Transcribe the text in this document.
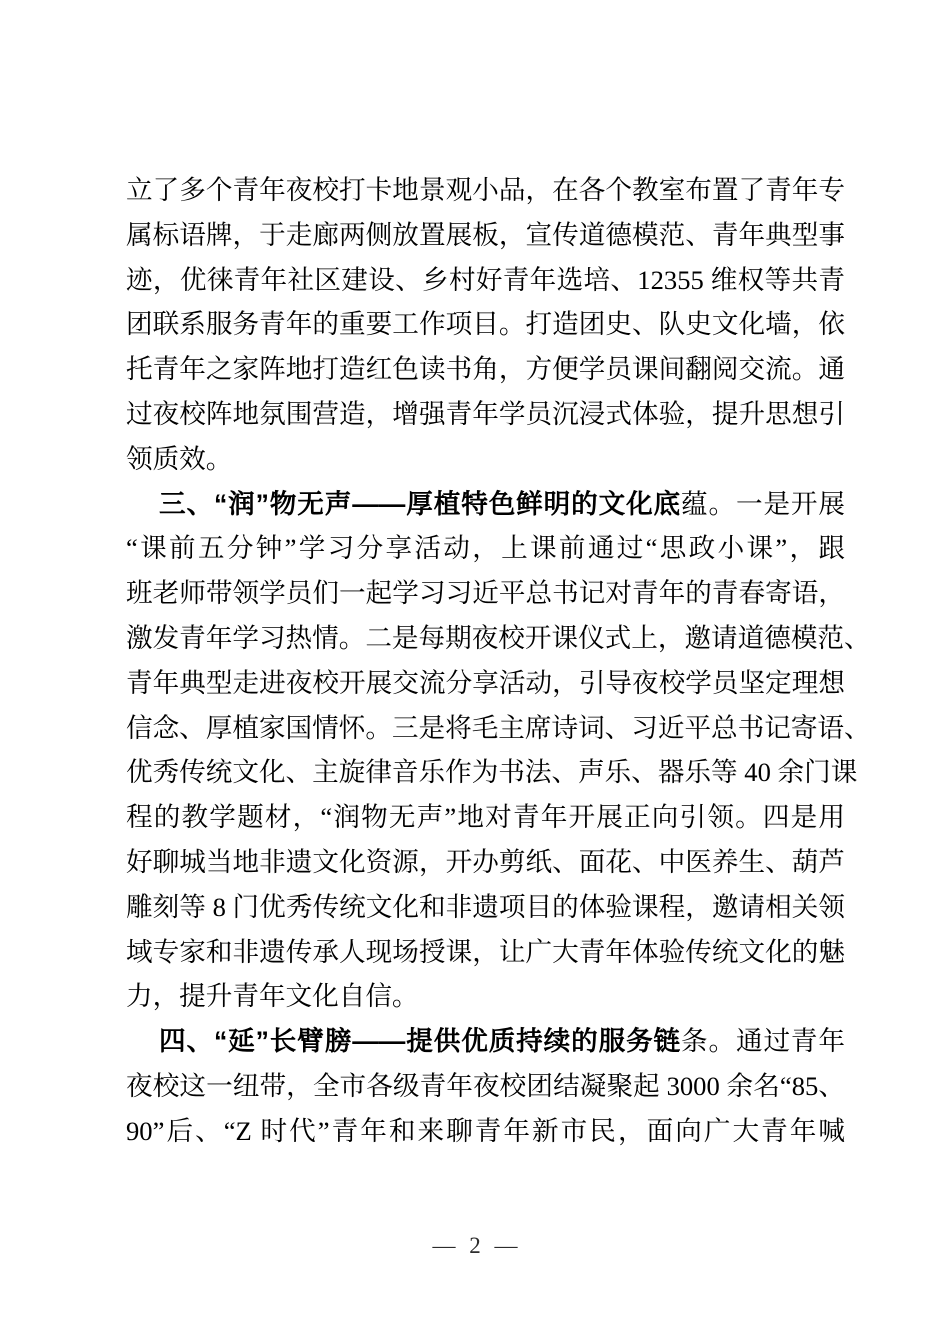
立了多个青年夜校打卡地景观小品，在各个教室布置了青年专
属标语牌，于走廊两侧放置展板，宣传道德模范、青年典型事
迹，优徕青年社区建设、乡村好青年选培、12355 维权等共青
团联系服务青年的重要工作项目。打造团史、队史文化墙，依
托青年之家阵地打造红色读书角，方便学员课间翻阅交流。通
过夜校阵地氛围营造，增强青年学员沉浸式体验，提升思想引
领质效。
三、“润”物无声——厚植特色鲜明的文化底蕴。一是开展
“课前五分钟”学习分享活动，上课前通过“思政小课”，跟
班老师带领学员们一起学习习近平总书记对青年的青春寄语，
激发青年学习热情。二是每期夜校开课仪式上，邀请道德模范、
青年典型走进夜校开展交流分享活动，引导夜校学员坚定理想
信念、厚植家国情怀。三是将毛主席诗词、习近平总书记寄语、
优秀传统文化、主旋律音乐作为书法、声乐、器乐等 40 余门课
程的教学题材，“润物无声”地对青年开展正向引领。四是用
好聊城当地非遗文化资源，开办剪纸、面花、中医养生、葫芦
雕刻等 8 门优秀传统文化和非遗项目的体验课程，邀请相关领
域专家和非遗传承人现场授课，让广大青年体验传统文化的魅
力，提升青年文化自信。
四、“延”长臂膀——提供优质持续的服务链条。通过青年
夜校这一纽带，全市各级青年夜校团结凝聚起 3000 余名“85、
90”后、“Z 时代”青年和来聊青年新市民，面向广大青年喊
— 2 —
